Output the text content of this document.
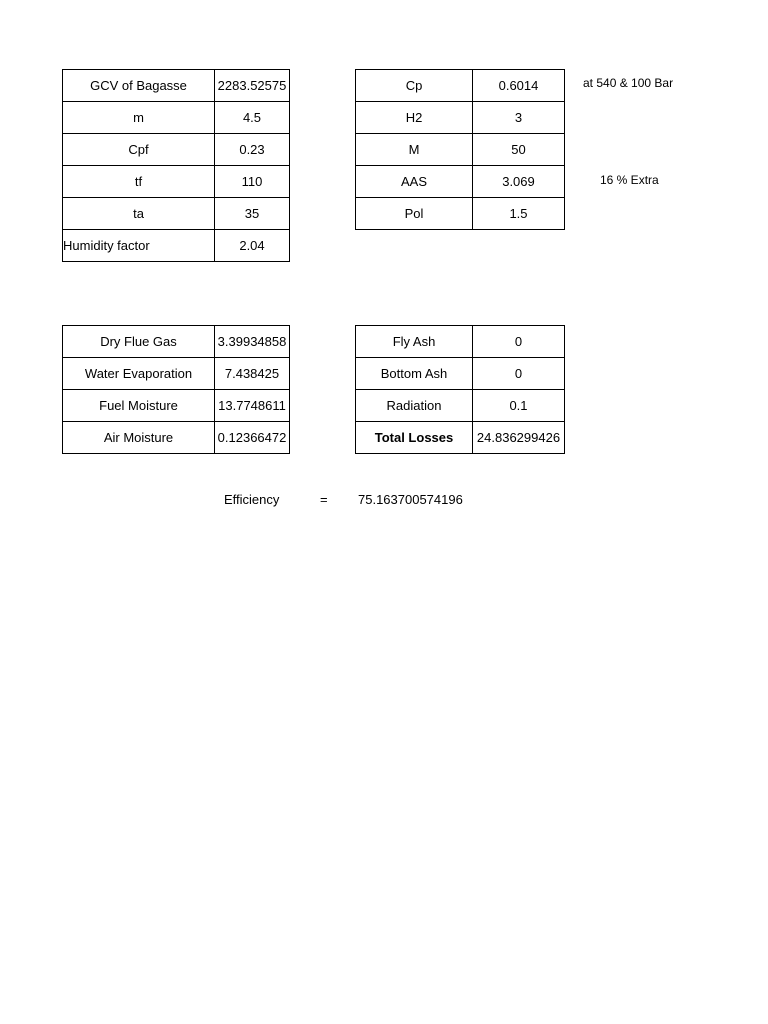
GCV of Bagasse	2283.52575
m	4.5
Cpf	0.23
tf	110
ta	35
Humidity factor	2.04
Cp	0.6014
H2	3
M	50
AAS	3.069
Pol	1.5
at 540 & 100 Bar
16 % Extra
Dry Flue Gas	3.39934858
Water Evaporation	7.438425
Fuel Moisture	13.7748611
Air Moisture	0.12366472
Fly Ash	0
Bottom Ash	0
Radiation	0.1
Total Losses	24.836299426
Efficiency	= 75.163700574196
